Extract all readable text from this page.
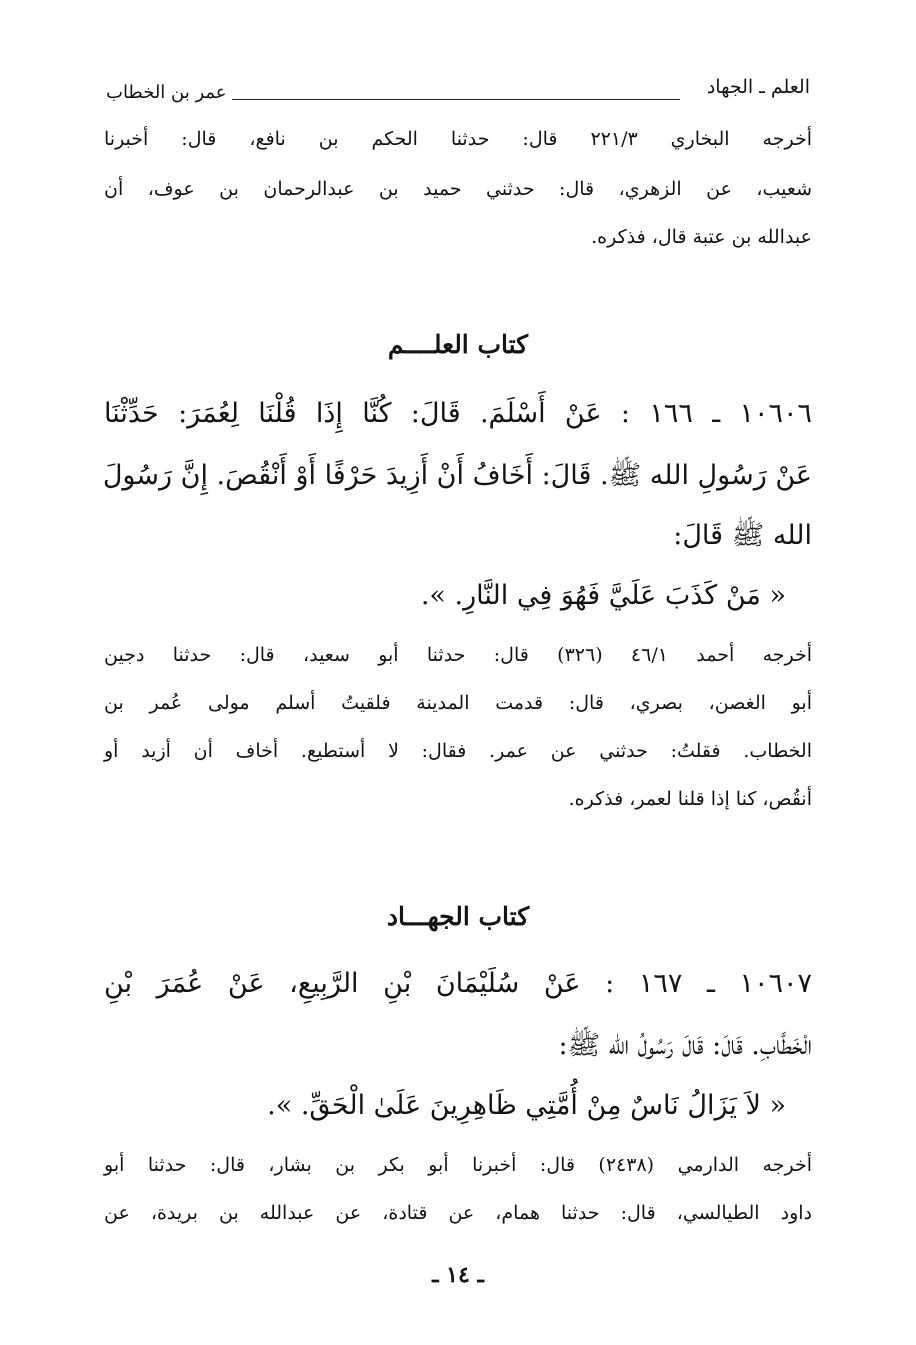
العلم ـ الجهاد
عمر بن الخطاب
أخرجه البخاري ٢٢١/٣ قال: حدثنا الحكم بن نافع، قال: أخبرنا
شعيب، عن الزهري، قال: حدثني حميد بن عبدالرحمان بن عوف، أن
عبدالله بن عتبة قال، فذكره.
كتاب العلــــم
١٠٦٠٦ ـ ١٦٦ : عَنْ أَسْلَمَ. قَالَ: كُنَّا إِذَا قُلْنَا لِعُمَرَ: حَدِّثْنَا
عَنْ رَسُولِ الله ﷺ. قَالَ: أَخَافُ أَنْ أَزِيدَ حَرْفًا أَوْ أَنْقُصَ. إِنَّ رَسُولَ
الله ﷺ قَالَ:
« مَنْ كَذَبَ عَلَيَّ فَهُوَ فِي النَّارِ. ».
أخرجه أحمد ٤٦/١ (٣٢٦) قال: حدثنا أبو سعيد، قال: حدثنا دجين
أبو الغصن، بصري، قال: قدمت المدينة فلقيتُ أسلم مولى عُمر بن
الخطاب. فقلتُ: حدثني عن عمر. فقال: لا أستطيع. أخاف أن أزيد أو
أنقُص، كنا إذا قلنا لعمر، فذكره.
كتاب الجهـــاد
١٠٦٠٧ ـ ١٦٧ : عَنْ سُلَيْمَانَ بْنِ الرَّبِيعِ، عَنْ عُمَرَ بْنِ
الْخَطَّابِ. قَالَ: قَالَ رَسُولُ الله ﷺ:
« لاَ يَزَالُ نَاسٌ مِنْ أُمَّتِي ظَاهِرِينَ عَلَىٰ الْحَقِّ. ».
أخرجه الدارمي (٢٤٣٨) قال: أخبرنا أبو بكر بن بشار، قال: حدثنا أبو
داود الطيالسي، قال: حدثنا همام، عن قتادة، عن عبدالله بن بريدة، عن
ـ ١٤ ـ
